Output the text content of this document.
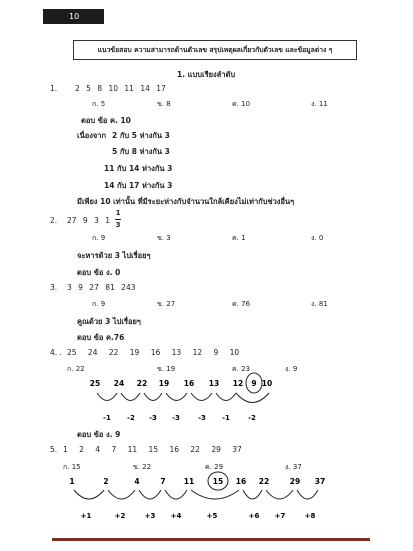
10
แนวข้อสอบ ความสามารถด้านตัวเลข สรุปเหตุผลเกี่ยวกับตัวเลข และข้อมูลต่าง ๆ
1. แบบเรียงลำดับ
1. 2 5 8 10 11 14 17
ก. 5	ข. 8	ค. 10	ง. 11
ตอบ ข้อ ค. 10
เนื่องจาก 2 กับ 5 ห่างกัน 3
5 กับ 8 ห่างกัน 3
11 กับ 14 ห่างกัน 3
14 กับ 17 ห่างกัน 3
มีเพียง 10 เท่านั้น ที่มีระยะห่างกับจำนวนใกล้เคียงไม่เท่ากับช่วงอื่นๆ
2. 27 9 3 1
1
3
ก. 9	ข. 3	ค. 1	ง. 0
จะหารด้วย 3 ไปเรื่อยๆ
ตอบ ข้อ ง. 0
3. 3 9 27 81 243
ก. 9	ข. 27	ค. 76	ง. 81
คูณด้วย 3 ไปเรื่อยๆ
ตอบ ข้อ ค.76
4. . 25 24 22 19 16 13 12 9 10
ก. 22	ข. 19	ค. 23	ง. 9
ตอบ ข้อ ง. 9
5. 1 2 4 7 11 15 16 22 29 37
ก. 15	ข. 22	ค. 29	ง. 37
25 24 22 19 16 13 12 9 10
-1 -2 -3 -3	-3 -1	-2
1	2	4	7 11 15 16 22	29 37
+1	+2	+3 +4	+5	+6 +7	+8
